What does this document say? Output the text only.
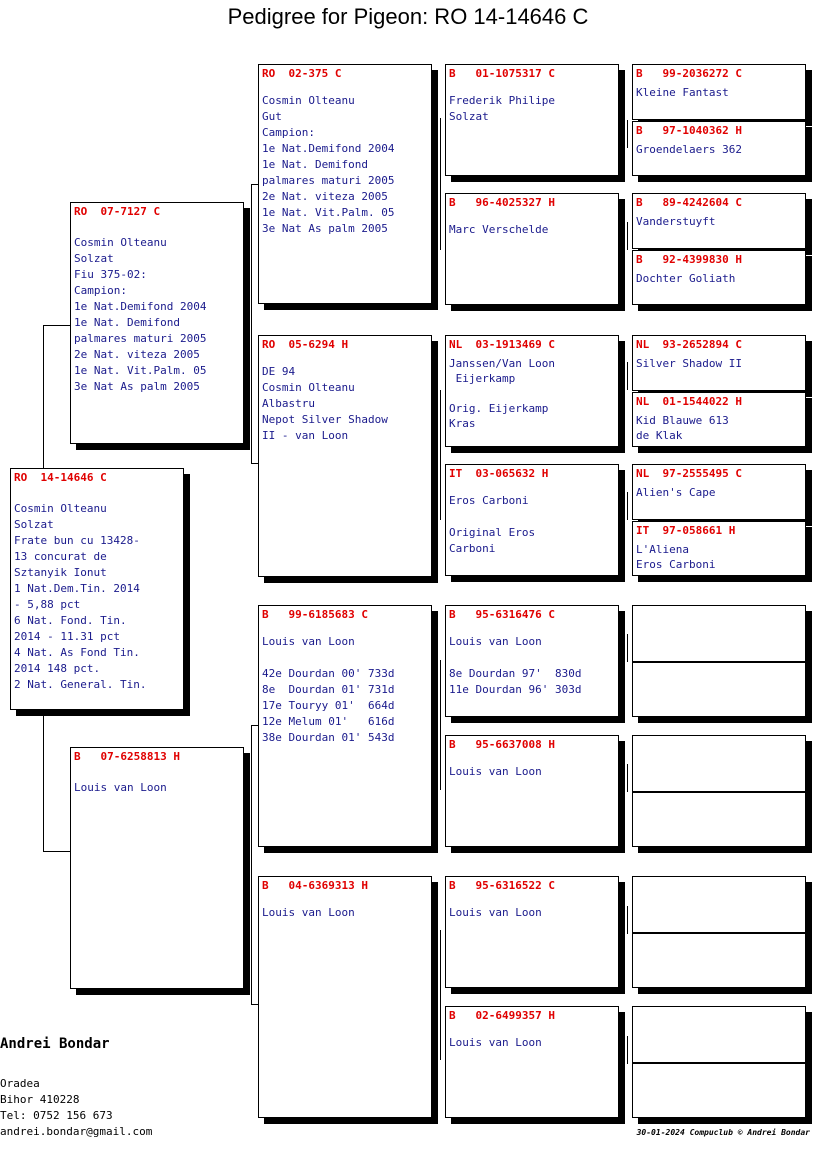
Pedigree for Pigeon: RO 14-14646 C
RO  14-14646 C

Cosmin Olteanu
Solzat
Frate bun cu 13428-
13 concurat de
Sztanyik Ionut
1 Nat.Dem.Tin. 2014
- 5,88 pct
6 Nat. Fond. Tin.
2014 - 11.31 pct
4 Nat. As Fond Tin.
2014 148 pct.
2 Nat. General. Tin.

RO  07-7127 C

Cosmin Olteanu
Solzat
Fiu 375-02:
Campion:
1e Nat.Demifond 2004
1e Nat. Demifond
palmares maturi 2005
2e Nat. viteza 2005
1e Nat. Vit.Palm. 05
3e Nat As palm 2005

B   07-6258813 H

Louis van Loon

RO  02-375 C

Cosmin Olteanu
Gut
Campion:
1e Nat.Demifond 2004
1e Nat. Demifond
palmares maturi 2005
2e Nat. viteza 2005
1e Nat. Vit.Palm. 05
3e Nat As palm 2005

RO  05-6294 H

DE 94
Cosmin Olteanu
Albastru
Nepot Silver Shadow
II - van Loon

B   99-6185683 C

Louis van Loon

42e Dourdan 00' 733d
8e  Dourdan 01' 731d
17e Touryy 01'  664d
12e Melum 01'   616d
38e Dourdan 01' 543d

B   04-6369313 H

Louis van Loon

B   01-1075317 C

Frederik Philipe
Solzat

B   96-4025327 H

Marc Verschelde

NL  03-1913469 C

Janssen/Van Loon
Eijerkamp

Orig. Eijerkamp
Kras

IT  03-065632 H

Eros Carboni

Original Eros
Carboni

B   95-6316476 C

Louis van Loon

8e Dourdan 97'  830d
11e Dourdan 96' 303d

B   95-6637008 H

Louis van Loon

B   95-6316522 C

Louis van Loon

B   02-6499357 H

Louis van Loon

B   99-2036272 C

Kleine Fantast

B   97-1040362 H

Groendelaers 362

B   89-4242604 C

Vanderstuyft

B   92-4399830 H

Dochter Goliath

NL  93-2652894 C

Silver Shadow II

NL  01-1544022 H

Kid Blauwe 613
de Klak

NL  97-2555495 C

Alien's Cape

IT  97-058661 H

L'Aliena
Eros Carboni

Andrei Bondar
Oradea
Bihor 410228
Tel: 0752 156 673
andrei.bondar@gmail.com	30-01-2024 Compuclub © Andrei Bondar
